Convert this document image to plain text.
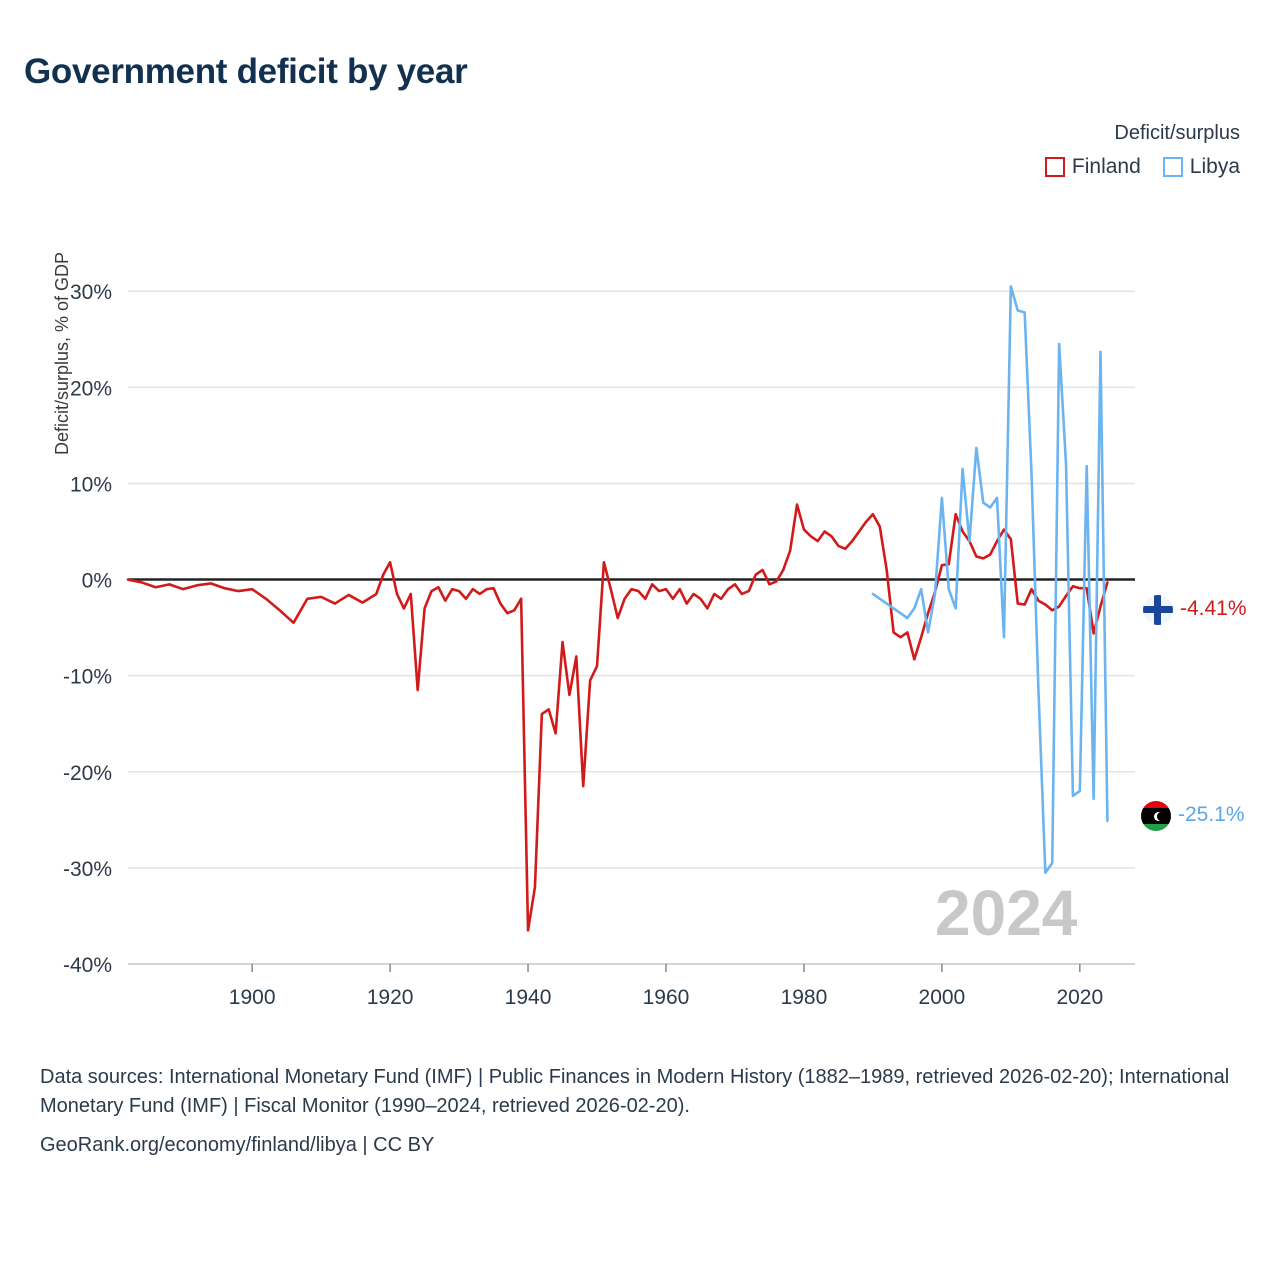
Government deficit by year
Deficit/surplus
Finland Libya
Deficit/surplus, % of GDP
-40%
-30%
-20%
-10%
0%
10%
20%
30%
1900	1920	1940	1960	1980	2000	2020
2024
-4.41%
-25.1%
Data sources: International Monetary Fund (IMF) | Public Finances in Modern History (1882–1989, retrieved 2026-02-20); International Monetary Fund (IMF) | Fiscal Monitor (1990–2024, retrieved 2026-02-20).
GeoRank.org/economy/finland/libya | CC BY
